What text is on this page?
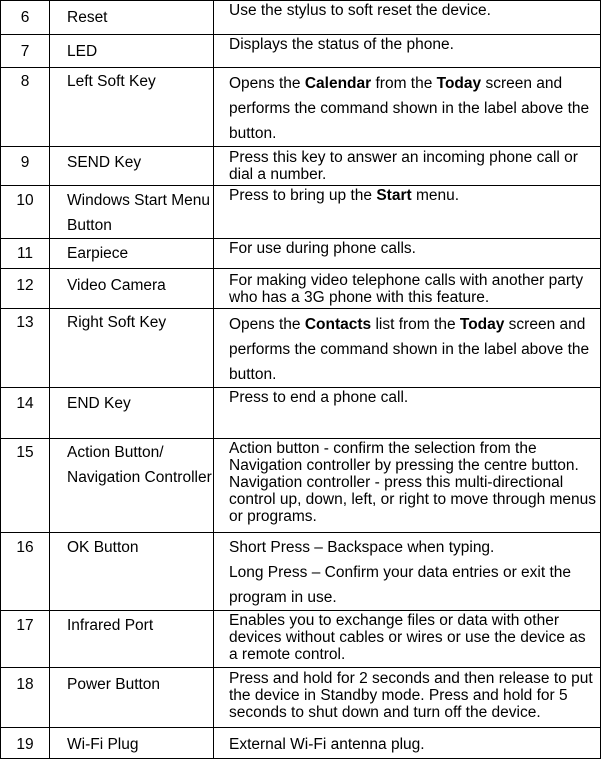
6	Reset	Use the stylus to soft reset the device.
7	LED	Displays the status of the phone.
8	Left Soft Key	Opens the Calendar from the Today screen and performs the command shown in the label above the button.
9	SEND Key	Press this key to answer an incoming phone call or dial a number.
10	Windows Start Menu Button	Press to bring up the Start menu.
11	Earpiece	For use during phone calls.
12	Video Camera	For making video telephone calls with another party who has a 3G phone with this feature.
13	Right Soft Key	Opens the Contacts list from the Today screen and performs the command shown in the label above the button.
14	END Key	Press to end a phone call.
15	Action Button/ Navigation Controller	Action button - confirm the selection from the Navigation controller by pressing the centre button.
Navigation controller - press this multi-directional control up, down, left, or right to move through menus or programs.

16	OK Button	Short Press – Backspace when typing.
Long Press – Confirm your data entries or exit the program in use.

17	Infrared Port	Enables you to exchange files or data with other devices without cables or wires or use the device as a remote control.
18	Power Button	Press and hold for 2 seconds and then release to put the device in Standby mode. Press and hold for 5 seconds to shut down and turn off the device.
19	Wi-Fi Plug	External Wi-Fi antenna plug.
